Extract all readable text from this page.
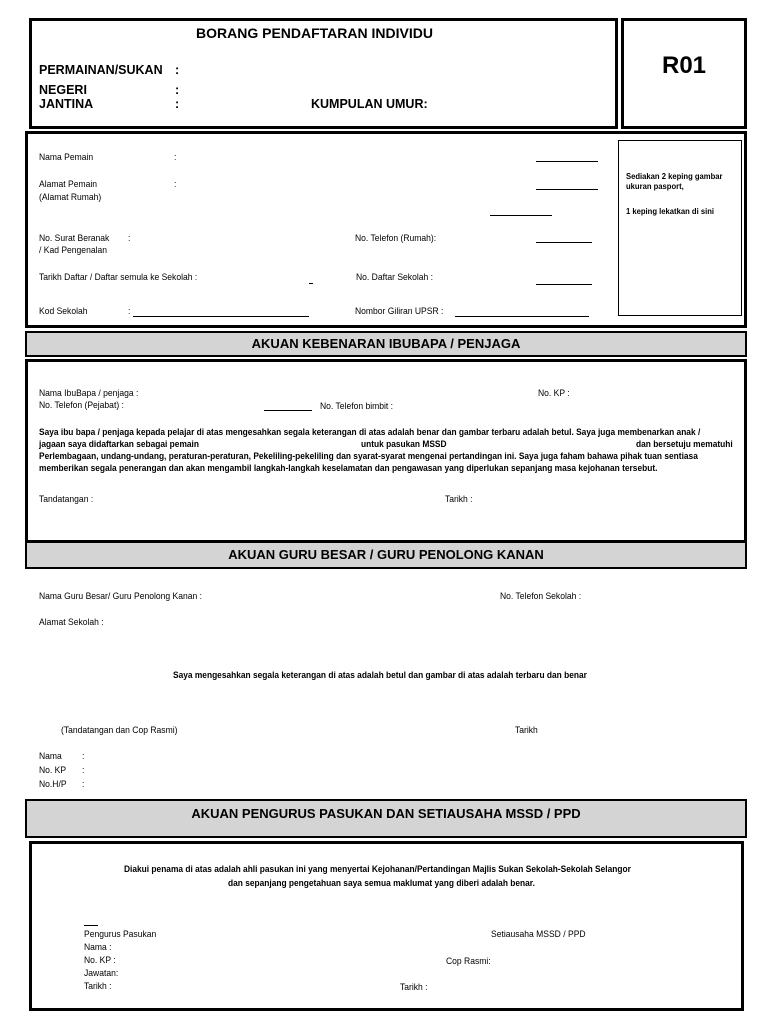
BORANG PENDAFTARAN INDIVIDU
PERMAINAN/SUKAN :
NEGERI	:
JANTINA	:	KUMPULAN UMUR:
R01
Nama Pemain	:
Alamat Pemain	:
(Alamat Rumah)
No. Surat Beranak :
/ Kad Pengenalan
No. Telefon (Rumah):
Tarikh Daftar / Daftar semula ke Sekolah :	No. Daftar Sekolah :
Kod Sekolah	:	Nombor Giliran UPSR :
Sediakan 2 keping gambar
ukuran pasport,
1 keping lekatkan di sini
AKUAN KEBENARAN IBUBAPA / PENJAGA
Nama IbuBapa / penjaga :	No. KP :
No. Telefon (Pejabat) :	No. Telefon bimbit :
Saya ibu bapa / penjaga kepada pelajar di atas mengesahkan segala keterangan di atas adalah benar dan gambar terbaru adalah betul. Saya juga membenarkan anak /
jagaan saya didaftarkan sebagai pemain	untuk pasukan MSSD	dan bersetuju mematuhi
Perlembagaan, undang-undang, peraturan-peraturan, Pekeliling-pekeliling dan syarat-syarat mengenai pertandingan ini. Saya juga faham bahawa pihak tuan sentiasa
memberikan segala penerangan dan akan mengambil langkah-langkah keselamatan dan pengawasan yang diperlukan sepanjang masa kejohanan tersebut.
Tandatangan :	Tarikh :
AKUAN GURU BESAR / GURU PENOLONG KANAN
Nama Guru Besar/ Guru Penolong Kanan :	No. Telefon Sekolah :
Alamat Sekolah :
Saya mengesahkan segala keterangan di atas adalah betul dan gambar di atas adalah terbaru dan benar
(Tandatangan dan Cop Rasmi)	Tarikh
Nama :
No. KP :
No.H/P :
AKUAN PENGURUS PASUKAN DAN SETIAUSAHA MSSD / PPD
Diakui penama di atas adalah ahli pasukan ini yang menyertai Kejohanan/Pertandingan Majlis Sukan Sekolah-Sekolah Selangor
dan sepanjang pengetahuan saya semua maklumat yang diberi adalah benar.
Pengurus Pasukan	Setiausaha MSSD / PPD
Nama :
No. KP :	Cop Rasmi:
Jawatan:
Tarikh :	Tarikh :
